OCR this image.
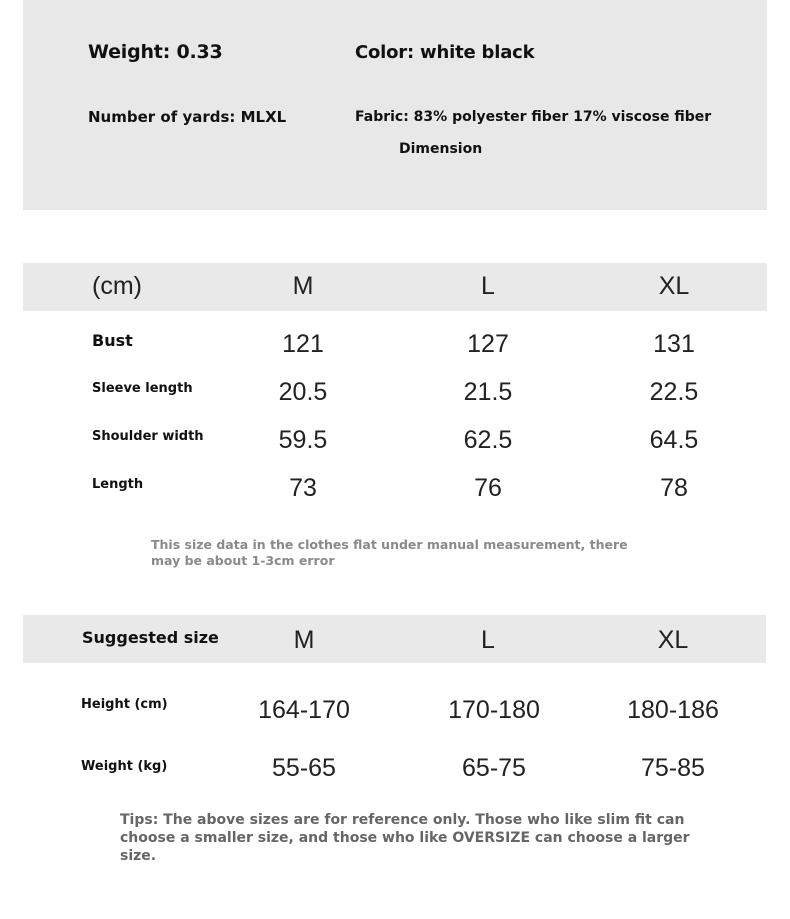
Weight: 0.33	Color: white black
Number of yards: MLXL	Fabric: 83% polyester fiber 17% viscose fiber
Dimension
(cm)	M	L	XL
Bust	121	127	131
Sleeve length	20.5	21.5	22.5
Shoulder width	59.5	62.5	64.5
Length	73	76	78
This size data in the clothes flat under manual measurement, there may be about 1-3cm error
Suggested size	M	L	XL
Height (cm)	164-170	170-180	180-186
Weight (kg)	55-65	65-75	75-85
Tips: The above sizes are for reference only. Those who like slim fit can choose a smaller size, and those who like OVERSIZE can choose a larger size.
